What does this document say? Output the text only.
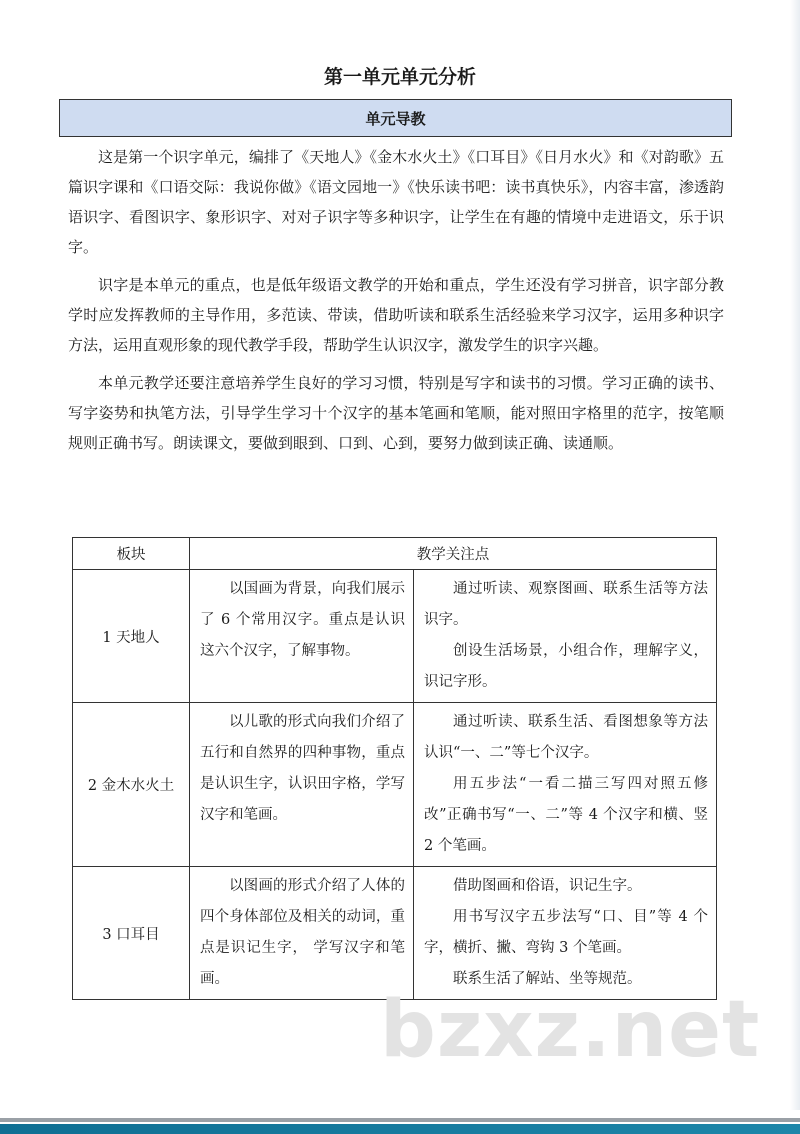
第一单元单元分析
单元导教

这是第一个识字单元，编排了《天地人》《金木水火土》《口耳目》《日月水火》和《对韵歌》五篇识字课和《口语交际：我说你做》《语文园地一》《快乐读书吧：读书真快乐》，内容丰富，渗透韵语识字、看图识字、象形识字、对对子识字等多种识字，让学生在有趣的情境中走进语文，乐于识字。

识字是本单元的重点，也是低年级语文教学的开始和重点，学生还没有学习拼音，识字部分教学时应发挥教师的主导作用，多范读、带读，借助听读和联系生活经验来学习汉字，运用多种识字方法，运用直观形象的现代教学手段，帮助学生认识汉字，激发学生的识字兴趣。

本单元教学还要注意培养学生良好的学习习惯，特别是写字和读书的习惯。学习正确的读书、写字姿势和执笔方法，引导学生学习十个汉字的基本笔画和笔顺，能对照田字格里的范字，按笔顺规则正确书写。朗读课文，要做到眼到、口到、心到，要努力做到读正确、读通顺。

板块	教学关注点	
1 天地人	以国画为背景，向我们展示了 6 个常用汉字。重点是认识这六个汉字，了解事物。	通过听读、观察图画、联系生活等方法识字。

创设生活场景，小组合作，理解字义，识记字形。

2 金木水火土	以儿歌的形式向我们介绍了五行和自然界的四种事物，重点是认识生字，认识田字格，学写汉字和笔画。	通过听读、联系生活、看图想象等方法认识“一、二”等七个汉字。

用五步法“一看二描三写四对照五修改”正确书写“一、二”等 4 个汉字和横、竖 2 个笔画。

3 口耳目	以图画的形式介绍了人体的四个身体部位及相关的动词，重点是识记生字， 学写汉字和笔画。	借助图画和俗语，识记生字。

用书写汉字五步法写“口、目”等 4 个字，横折、撇、弯钩 3 个笔画。

联系生活了解站、坐等规范。

bzxz.net
